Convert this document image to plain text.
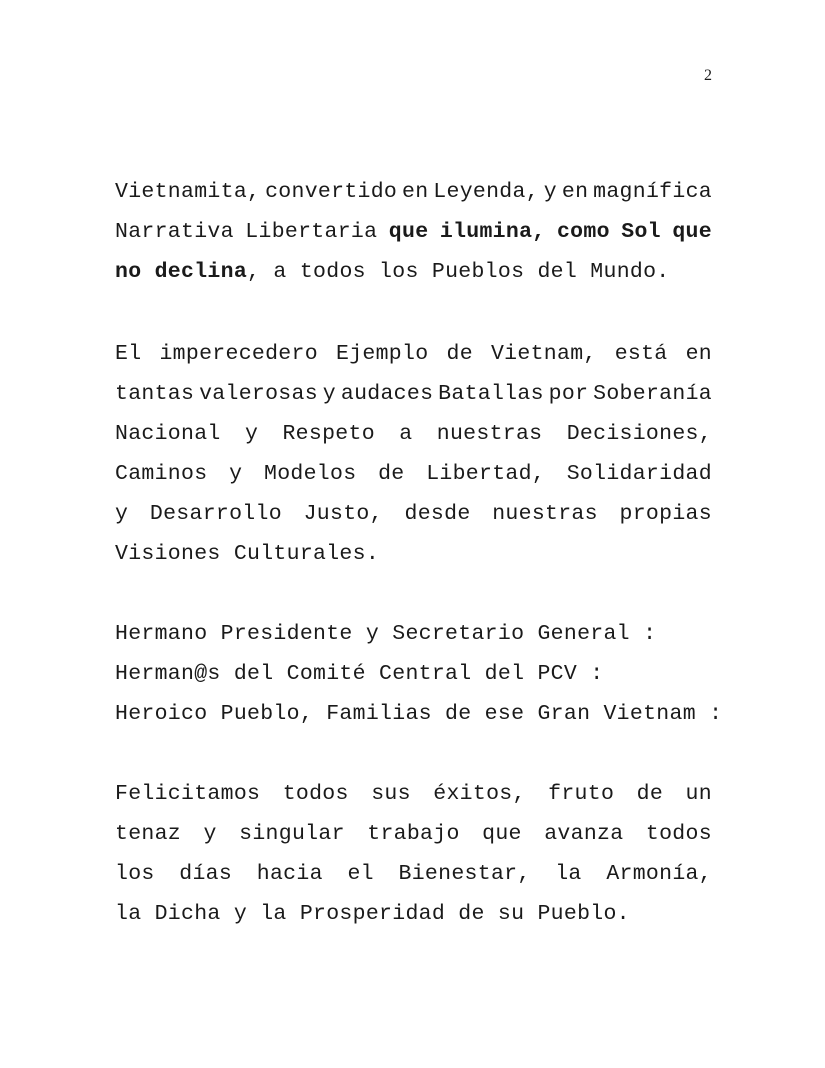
2
Vietnamita, convertido en Leyenda, y en magnífica
Narrativa Libertaria que ilumina, como Sol que
no declina, a todos los Pueblos del Mundo.
El imperecedero Ejemplo de Vietnam, está en
tantas valerosas y audaces Batallas por Soberanía
Nacional y Respeto a nuestras Decisiones,
Caminos y Modelos de Libertad, Solidaridad
y Desarrollo Justo, desde nuestras propias
Visiones Culturales.
Hermano Presidente y Secretario General :
Herman@s del Comité Central del PCV :
Heroico Pueblo, Familias de ese Gran Vietnam :
Felicitamos todos sus éxitos, fruto de un
tenaz y singular trabajo que avanza todos
los días hacia el Bienestar, la Armonía,
la Dicha y la Prosperidad de su Pueblo.
